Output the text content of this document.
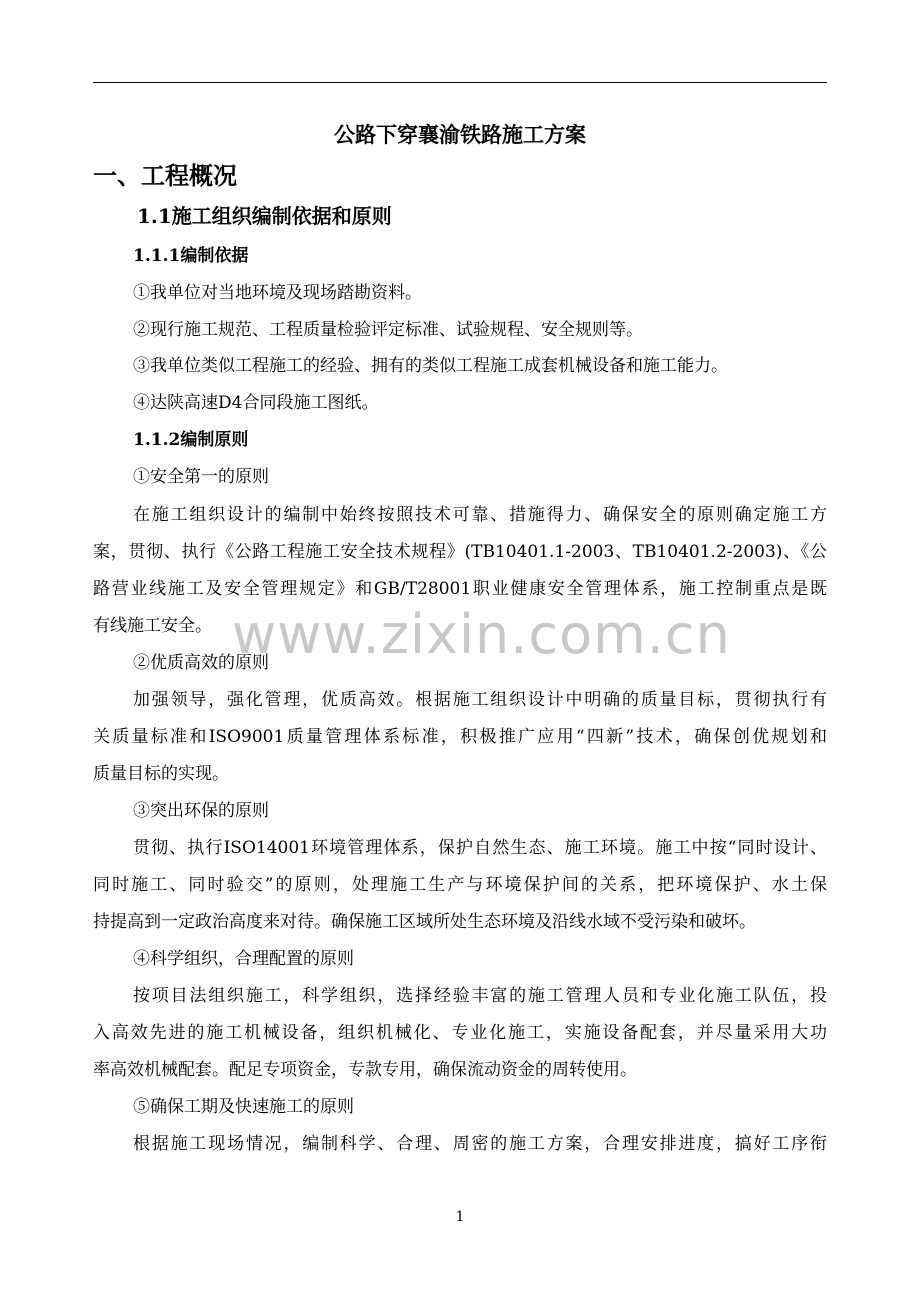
公路下穿襄渝铁路施工方案
一、工程概况
1.1施工组织编制依据和原则
1.1.1编制依据
①我单位对当地环境及现场踏勘资料。
②现行施工规范、工程质量检验评定标准、试验规程、安全规则等。
③我单位类似工程施工的经验、拥有的类似工程施工成套机械设备和施工能力。
④达陕高速D4合同段施工图纸。
1.1.2编制原则
①安全第一的原则
在施工组织设计的编制中始终按照技术可靠、措施得力、确保安全的原则确定施工方
案，贯彻、执行《公路工程施工安全技术规程》(TB10401.1-2003、TB10401.2-2003)、《公
路营业线施工及安全管理规定》和GB/T28001职业健康安全管理体系，施工控制重点是既
有线施工安全。 www.zixin.com.cn
②优质高效的原则
加强领导，强化管理，优质高效。根据施工组织设计中明确的质量目标，贯彻执行有
关质量标准和ISO9001质量管理体系标准，积极推广应用“四新”技术，确保创优规划和
质量目标的实现。
③突出环保的原则
贯彻、执行ISO14001环境管理体系，保护自然生态、施工环境。施工中按“同时设计、
同时施工、同时验交”的原则，处理施工生产与环境保护间的关系，把环境保护、水土保
持提高到一定政治高度来对待。确保施工区域所处生态环境及沿线水域不受污染和破坏。
④科学组织，合理配置的原则
按项目法组织施工，科学组织，选择经验丰富的施工管理人员和专业化施工队伍，投
入高效先进的施工机械设备，组织机械化、专业化施工，实施设备配套，并尽量采用大功
率高效机械配套。配足专项资金，专款专用，确保流动资金的周转使用。
⑤确保工期及快速施工的原则
根据施工现场情况，编制科学、合理、周密的施工方案，合理安排进度，搞好工序衔
1
